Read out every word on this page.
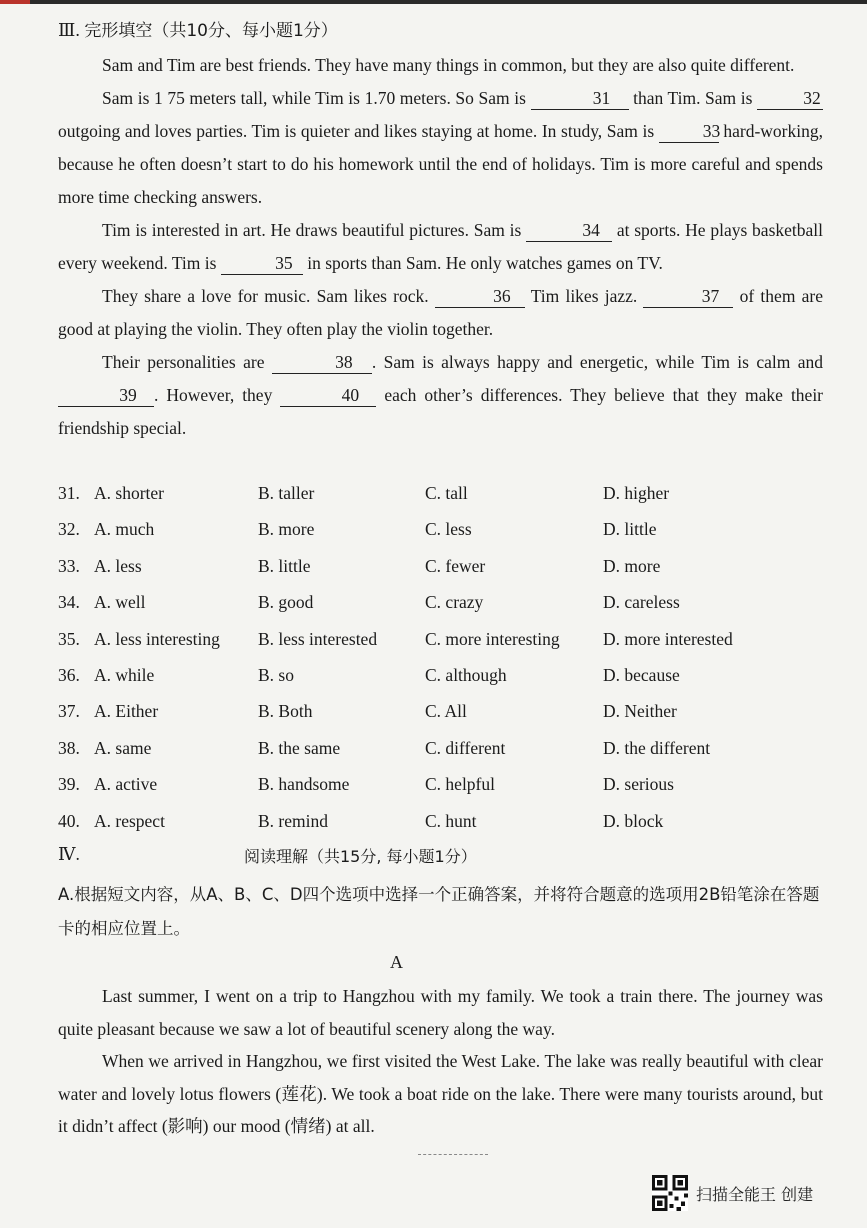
Ⅲ. 完形填空（共10分、每小题1分）

Sam and Tim are best friends. They have many things in common, but they are also quite different.

Sam is 1 75 meters tall, while Tim is 1.70 meters. So Sam is	31 than Tim. Sam is	32 outgoing and loves parties. Tim is quieter and likes staying at home. In study, Sam is	33 hard-working, because he often doesn’t start to do his homework until the end of holidays. Tim is more careful and spends more time checking answers.

Tim is interested in art. He draws beautiful pictures. Sam is	34 at sports. He plays basketball every weekend. Tim is	35 in sports than Sam. He only watches games on TV.

They share a love for music. Sam likes rock.	36 Tim likes jazz.	37 of them are good at playing the violin. They often play the violin together.

Their personalities are	38 . Sam is always happy and energetic, while Tim is calm and 39 . However, they	40 each other’s differences. They believe that they make their friendship special.

31. A. shorter	B. taller	C. tall	D. higher
32. A. much	B. more	C. less	D. little
33. A. less	B. little	C. fewer	D. more
34. A. well	B. good	C. crazy	D. careless
35. A. less interesting B. less interested	C. more interesting D. more interested
36. A. while	B. so	C. although	D. because
37. A. Either	B. Both	C. All	D. Neither
38. A. same	B. the same	C. different	D. the different
39. A. active	B. handsome	C. helpful	D. serious
40. A. respect	B. remind	C. hunt	D. block
Ⅳ.	阅读理解（共15分, 每小题1分）
A.根据短文内容，从A、B、C、D四个选项中选择一个正确答案，并将符合题意的选项用2B铅笔涂在答题卡的相应位置上。
A

Last summer, I went on a trip to Hangzhou with my family. We took a train there. The journey was quite pleasant because we saw a lot of beautiful scenery along the way.

When we arrived in Hangzhou, we first visited the West Lake. The lake was really beautiful with clear water and lovely lotus flowers (莲花). We took a boat ride on the lake. There were many tourists around, but it didn’t affect (影响) our mood (情绪) at all.

扫描全能王 创建
